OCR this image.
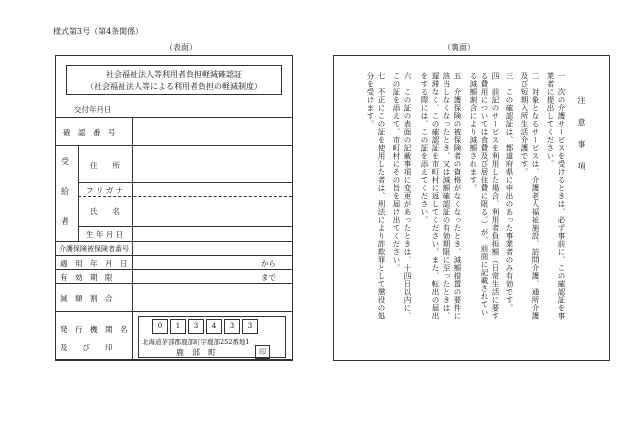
様式第3号（第4条関係）
（表面）	（裏面）
社会福祉法人等利用者負担軽減確認証
（社会福祉法人等による利用者負担の軽減制度）
交付年月日
確　認　番　号
受
給
者
住　　所
フ リ ガ ナ
氏　　名
生 年 月 日
介護保険被保険者番号
適　用　年　月　日	から
有　効　期　限	まで
減　額　割　合
発　行　機　関　名
及　　び　　印
0	1	3	4	3	3
北海道茅部郡鹿部町字鹿部252番地1
鹿　部　町	印
注　意　事　項
一　次の介護サービスを受けるときは、必ず事前に、この確認証を事業者に提出してください。
二　対象となるサービスは、介護老人福祉施設、訪問介護、通所介護及び短期入所生活介護です。
三　この確認証は、都道府県に申出のあった事業者のみ有効です。
四　前記のサービスを利用した場合、利用者負担額（日常生活に要する費用については食費及び居住費に限る。）が、前面に記載されている減額割合により減額されます。
五　介護保険の被保険者の資格がなくなったとき、減額措置の要件に該当しなくなったとき、又は減額確認証の有効期限に至ったときは、遅滞なく、この確認証を市町村に返してください。また、転出の届出をする際には、この証を添えてください。
六　この証の表面の記載事項に変更があったときは、十四日以内に、この証を添えて、市町村にその旨を届け出てください。
七　不正にこの証を使用した者は、刑法により詐欺罪として懲役の処分を受けます。
